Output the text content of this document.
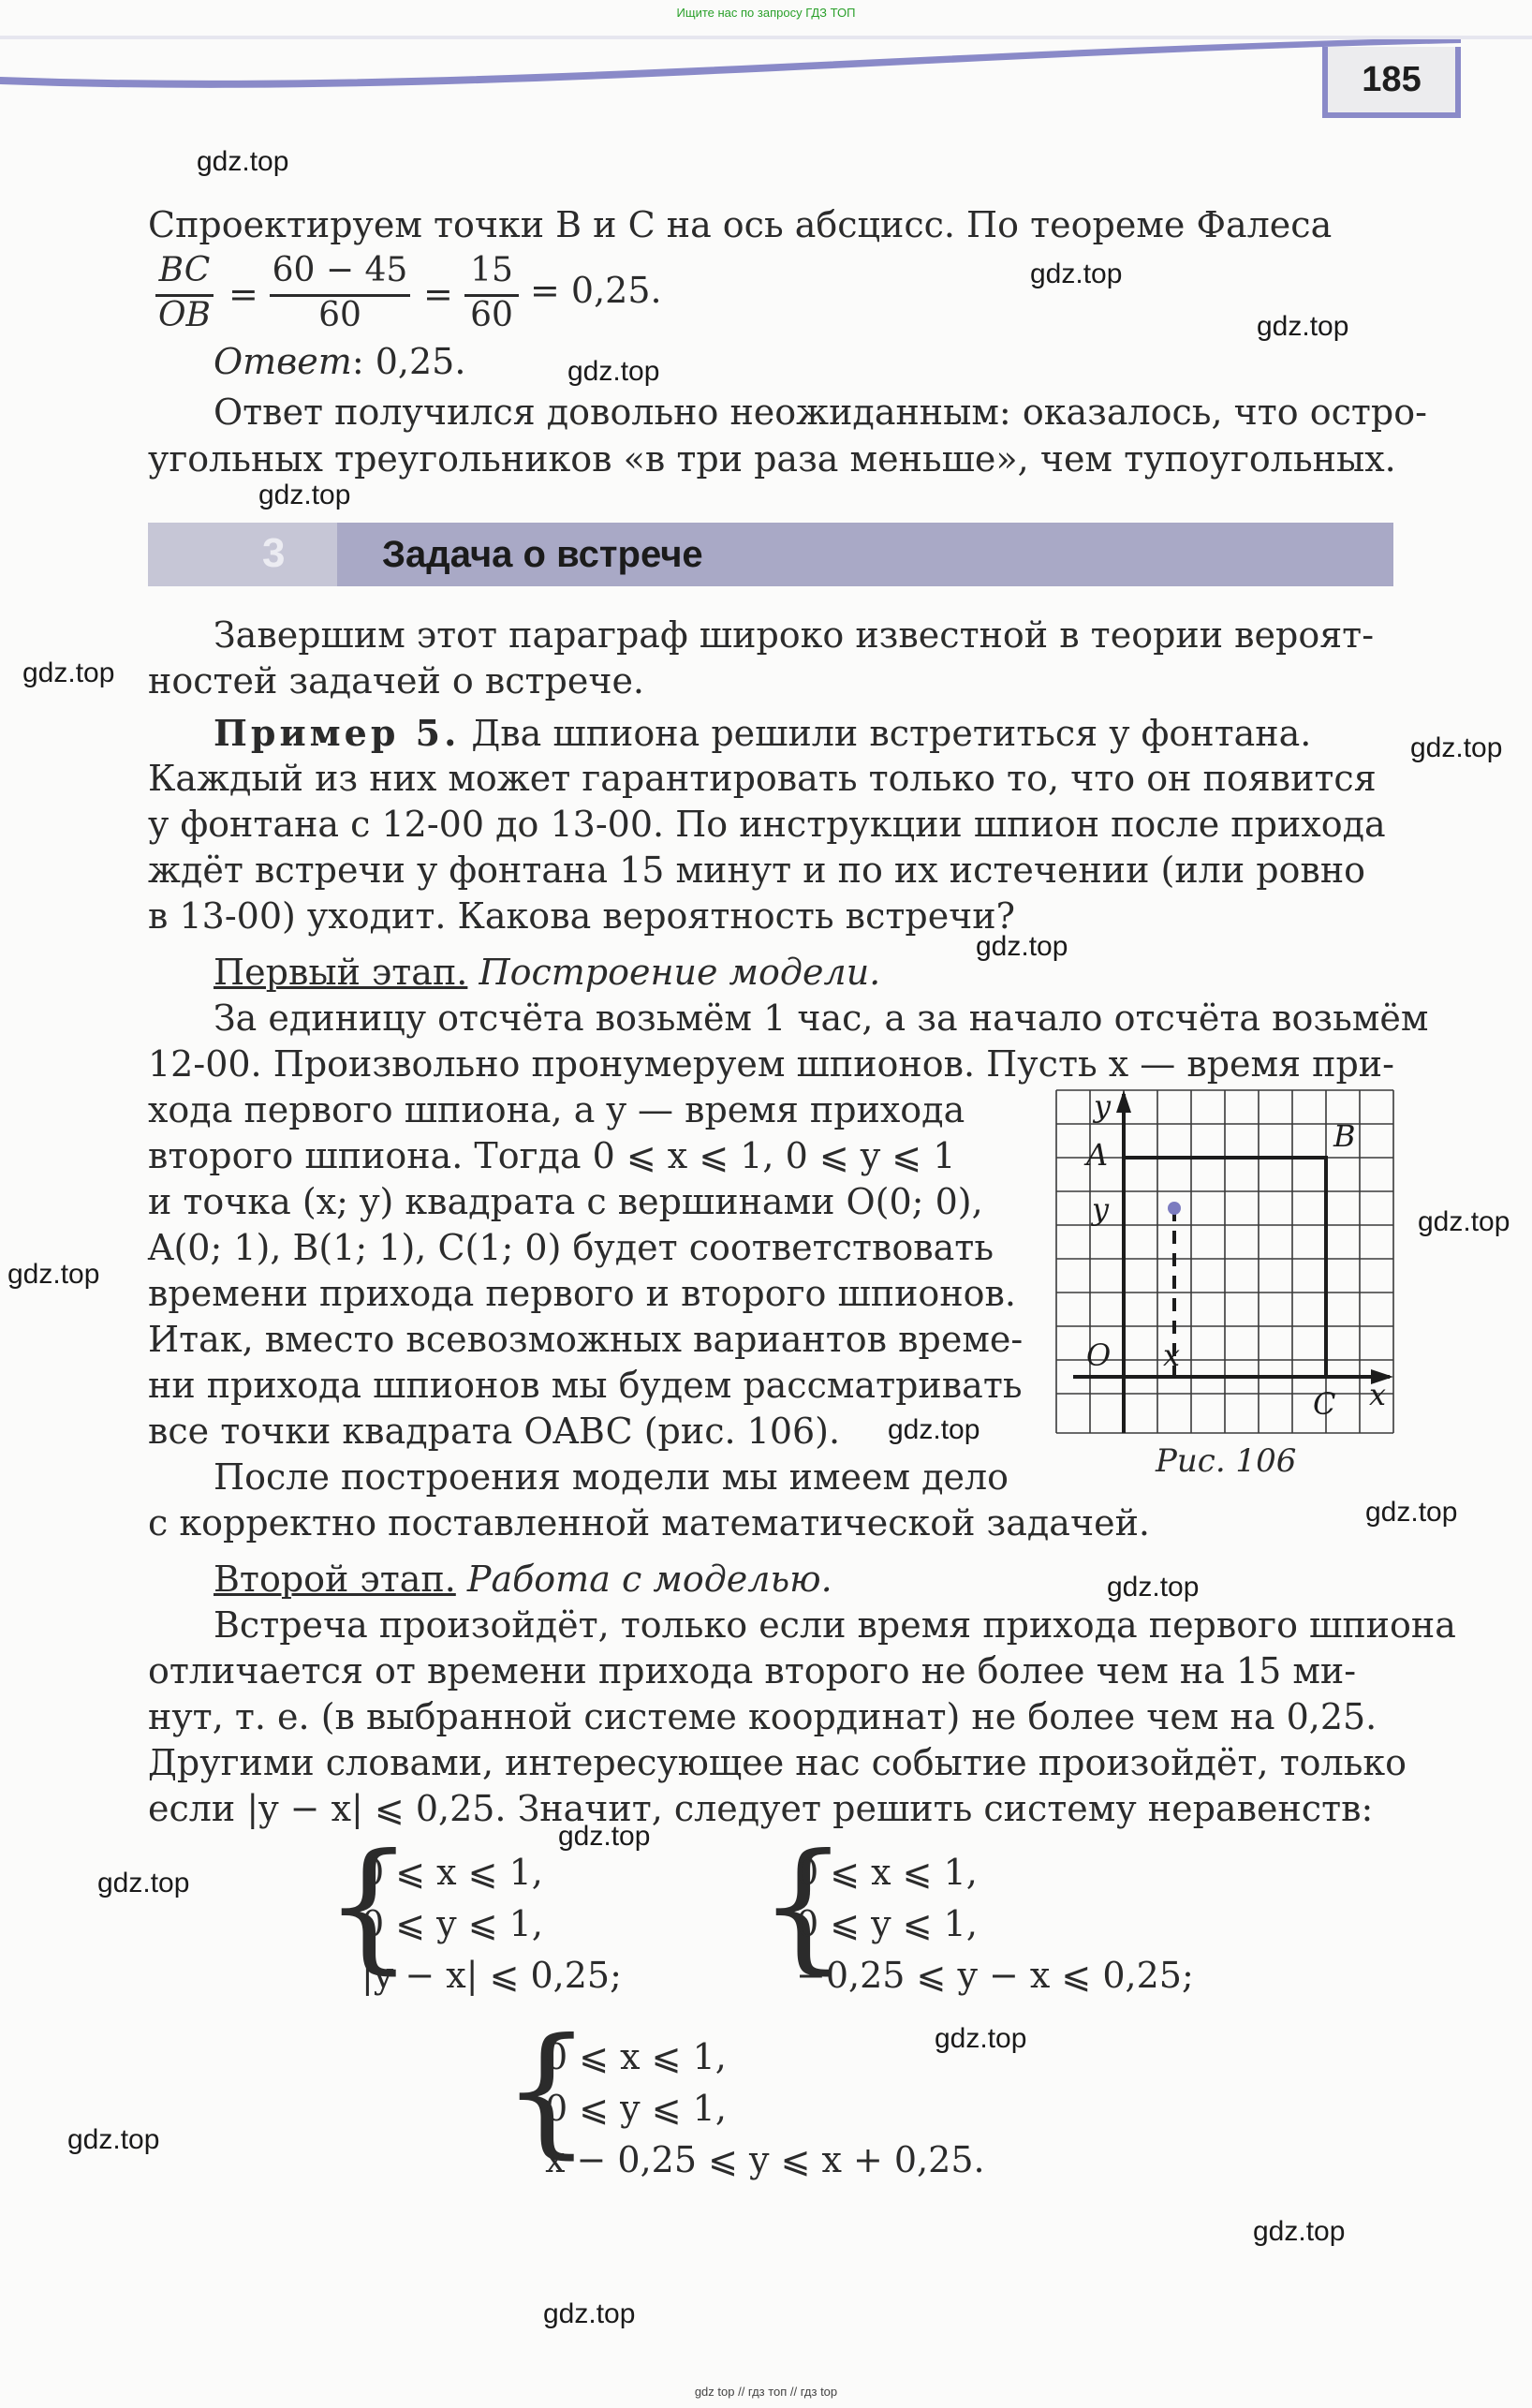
Ищите нас по запросу ГДЗ ТОП
185
Спроектируем точки B и C на ось абсцисс. По теореме Фалеса
BC
OB
=
60 − 45
60
=
15
60
= 0,25.
Ответ: 0,25.
Ответ получился довольно неожиданным: оказалось, что остро-
угольных треугольников «в три раза меньше», чем тупоугольных.
3	Задача о встрече
Завершим этот параграф широко известной в теории вероят-
ностей задачей о встрече.
Пример 5. Два шпиона решили встретиться у фонтана.
Каждый из них может гарантировать только то, что он появится
у фонтана с 12-00 до 13-00. По инструкции шпион после прихода
ждёт встречи у фонтана 15 минут и по их истечении (или ровно
в 13-00) уходит. Какова вероятность встречи?
Первый этап. Построение модели.
За единицу отсчёта возьмём 1 час, а за начало отсчёта возьмём
12-00. Произвольно пронумеруем шпионов. Пусть x — время при-
хода первого шпиона, а y — время прихода
второго шпиона. Тогда 0 ⩽ x ⩽ 1, 0 ⩽ y ⩽ 1
и точка (x; y) квадрата с вершинами O(0; 0),
A(0; 1), B(1; 1), C(1; 0) будет соответствовать
времени прихода первого и второго шпионов.
Итак, вместо всевозможных вариантов време-
ни прихода шпионов мы будем рассматривать
все точки квадрата OABC (рис. 106).
После построения модели мы имеем дело
с корректно поставленной математической задачей.
y
A
B
y
O x
C x
Рис. 106
Второй этап. Работа с моделью.
Встреча произойдёт, только если время прихода первого шпиона
отличается от времени прихода второго не более чем на 15 ми-
нут, т. е. (в выбранной системе координат) не более чем на 0,25.
Другими словами, интересующее нас событие произойдёт, только
если |y − x| ⩽ 0,25. Значит, следует решить систему неравенств:
{
0 ⩽ x ⩽ 1,
0 ⩽ y ⩽ 1,
|y − x| ⩽ 0,25; {
0 ⩽ x ⩽ 1,
0 ⩽ y ⩽ 1,
−0,25 ⩽ y − x ⩽ 0,25;
{
0 ⩽ x ⩽ 1,
0 ⩽ y ⩽ 1,
x − 0,25 ⩽ y ⩽ x + 0,25.
gdz.top
gdz.top
gdz.top
gdz.top
gdz.top
gdz.top
gdz.top
gdz.top
gdz.top
gdz.top
gdz.top
gdz.top
gdz.top
gdz.top
gdz.top
gdz.top
gdz.top
gdz.top
gdz.top
gdz top // гдз топ // гдз top
